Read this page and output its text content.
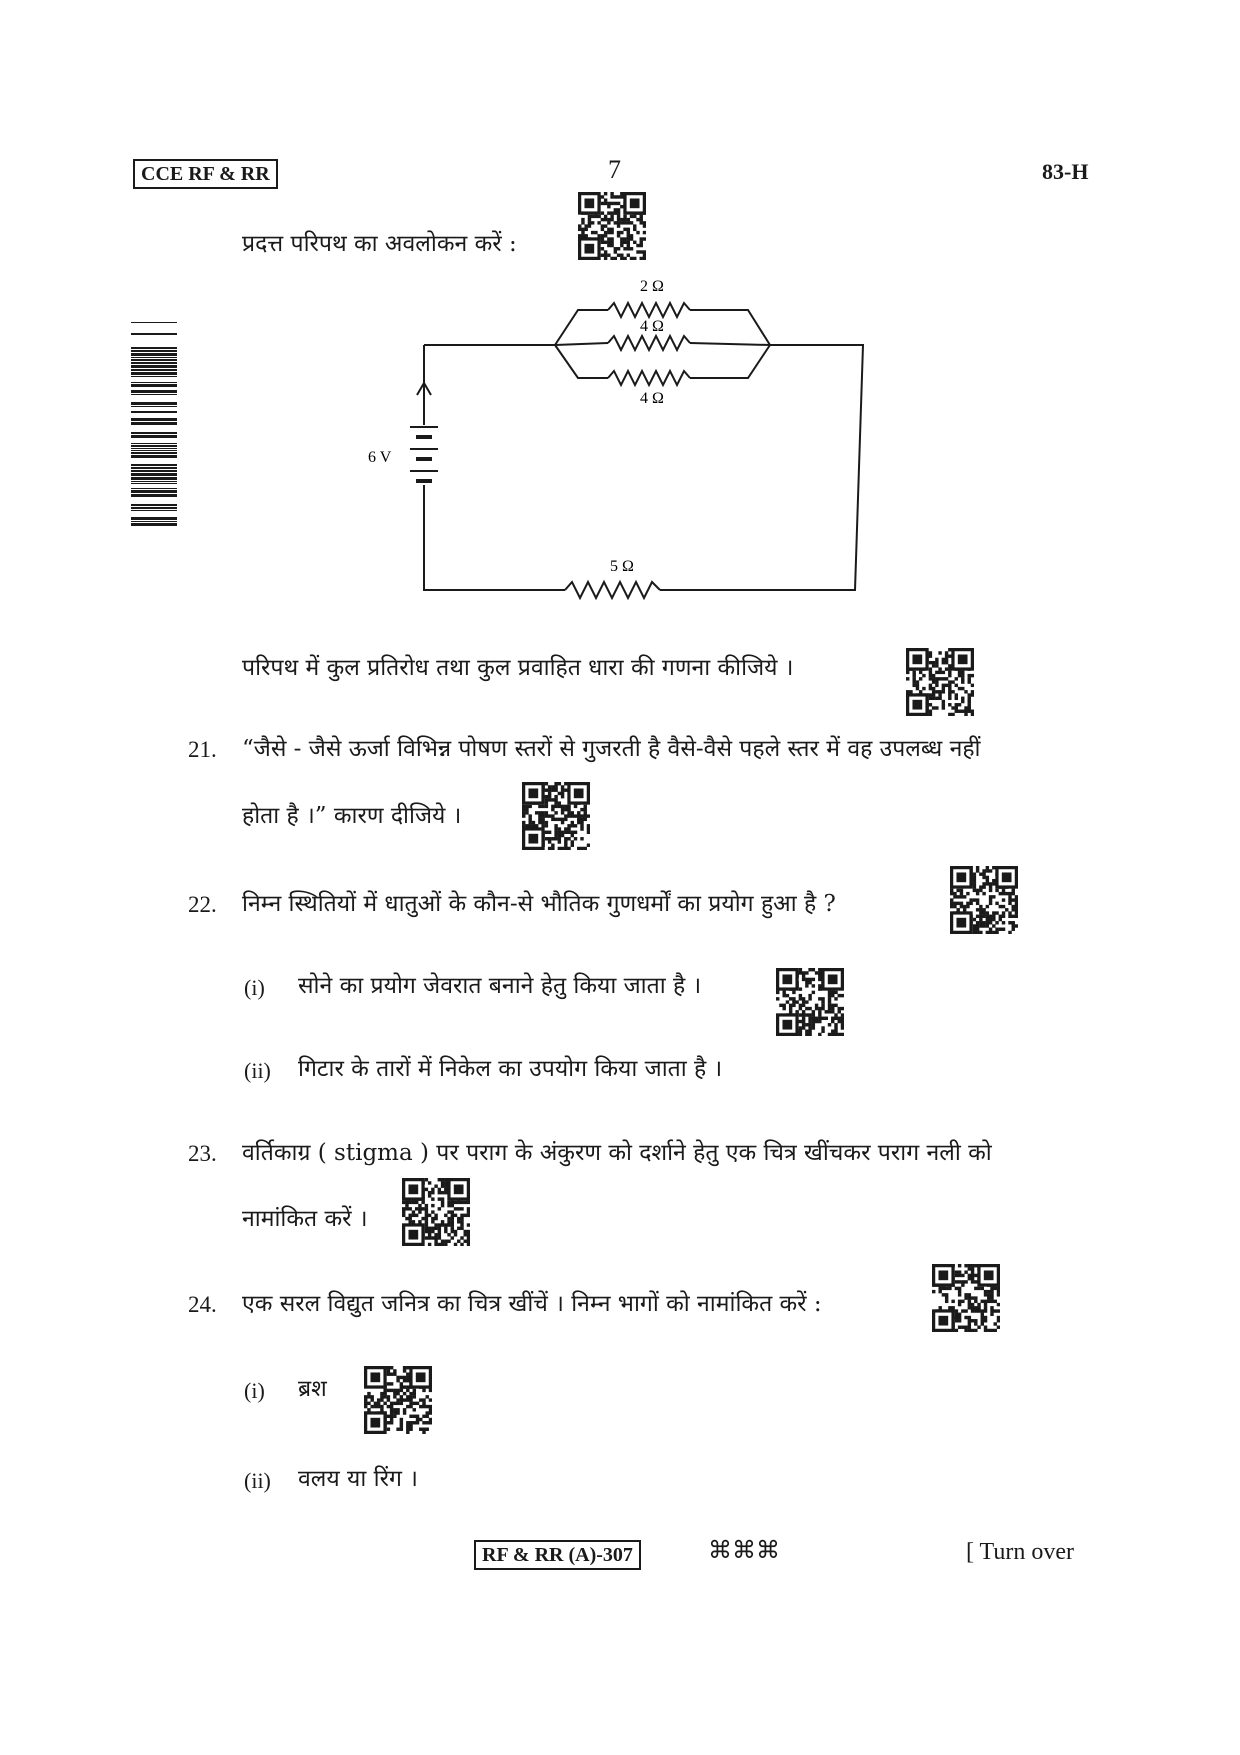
CCE RF & RR	7	83-H
प्रदत्त परिपथ का अवलोकन करें :
6 V
2 Ω
4 Ω
4 Ω
5 Ω
परिपथ में कुल प्रतिरोध तथा कुल प्रवाहित धारा की गणना कीजिये ।
21. “जैसे - जैसे ऊर्जा विभिन्न पोषण स्तरों से गुजरती है वैसे-वैसे पहले स्तर में वह उपलब्ध नहीं
होता है ।” कारण दीजिये ।
22. निम्न स्थितियों में धातुओं के कौन-से भौतिक गुणधर्मों का प्रयोग हुआ है ?
(i) सोने का प्रयोग जेवरात बनाने हेतु किया जाता है ।
(ii) गिटार के तारों में निकेल का उपयोग किया जाता है ।
23. वर्तिकाग्र ( stigma ) पर पराग के अंकुरण को दर्शाने हेतु एक चित्र खींचकर पराग नली को
नामांकित करें ।
24. एक सरल विद्युत जनित्र का चित्र खींचें । निम्न भागों को नामांकित करें :
(i) ब्रश
(ii) वलय या रिंग ।
RF & RR (A)-307	⌘⌘⌘	[ Turn over
